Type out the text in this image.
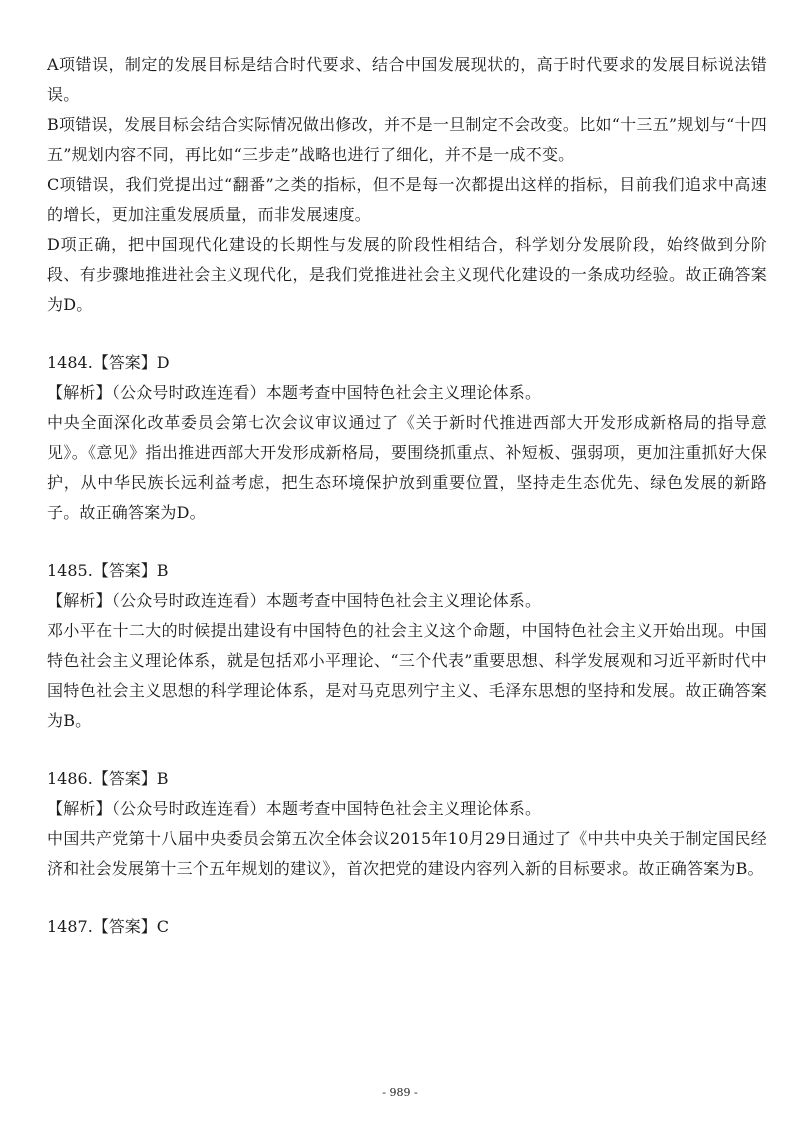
A项错误，制定的发展目标是结合时代要求、结合中国发展现状的，高于时代要求的发展目标说法错误。

B项错误，发展目标会结合实际情况做出修改，并不是一旦制定不会改变。比如“十三五”规划与“十四五”规划内容不同，再比如“三步走”战略也进行了细化，并不是一成不变。

C项错误，我们党提出过“翻番”之类的指标，但不是每一次都提出这样的指标，目前我们追求中高速的增长，更加注重发展质量，而非发展速度。

D项正确，把中国现代化建设的长期性与发展的阶段性相结合，科学划分发展阶段，始终做到分阶段、有步骤地推进社会主义现代化，是我们党推进社会主义现代化建设的一条成功经验。故正确答案为D。

1484.【答案】D

【解析】（公众号时政连连看）本题考查中国特色社会主义理论体系。

中央全面深化改革委员会第七次会议审议通过了《关于新时代推进西部大开发形成新格局的指导意见》。《意见》指出推进西部大开发形成新格局，要围绕抓重点、补短板、强弱项，更加注重抓好大保护，从中华民族长远利益考虑，把生态环境保护放到重要位置，坚持走生态优先、绿色发展的新路子。故正确答案为D。

1485.【答案】B

【解析】（公众号时政连连看）本题考查中国特色社会主义理论体系。

邓小平在十二大的时候提出建设有中国特色的社会主义这个命题，中国特色社会主义开始出现。中国特色社会主义理论体系，就是包括邓小平理论、“三个代表”重要思想、科学发展观和习近平新时代中国特色社会主义思想的科学理论体系，是对马克思列宁主义、毛泽东思想的坚持和发展。故正确答案为B。

1486.【答案】B

【解析】（公众号时政连连看）本题考查中国特色社会主义理论体系。

中国共产党第十八届中央委员会第五次全体会议2015年10月29日通过了《中共中央关于制定国民经济和社会发展第十三个五年规划的建议》，首次把党的建设内容列入新的目标要求。故正确答案为B。

1487.【答案】C

- 989 -
